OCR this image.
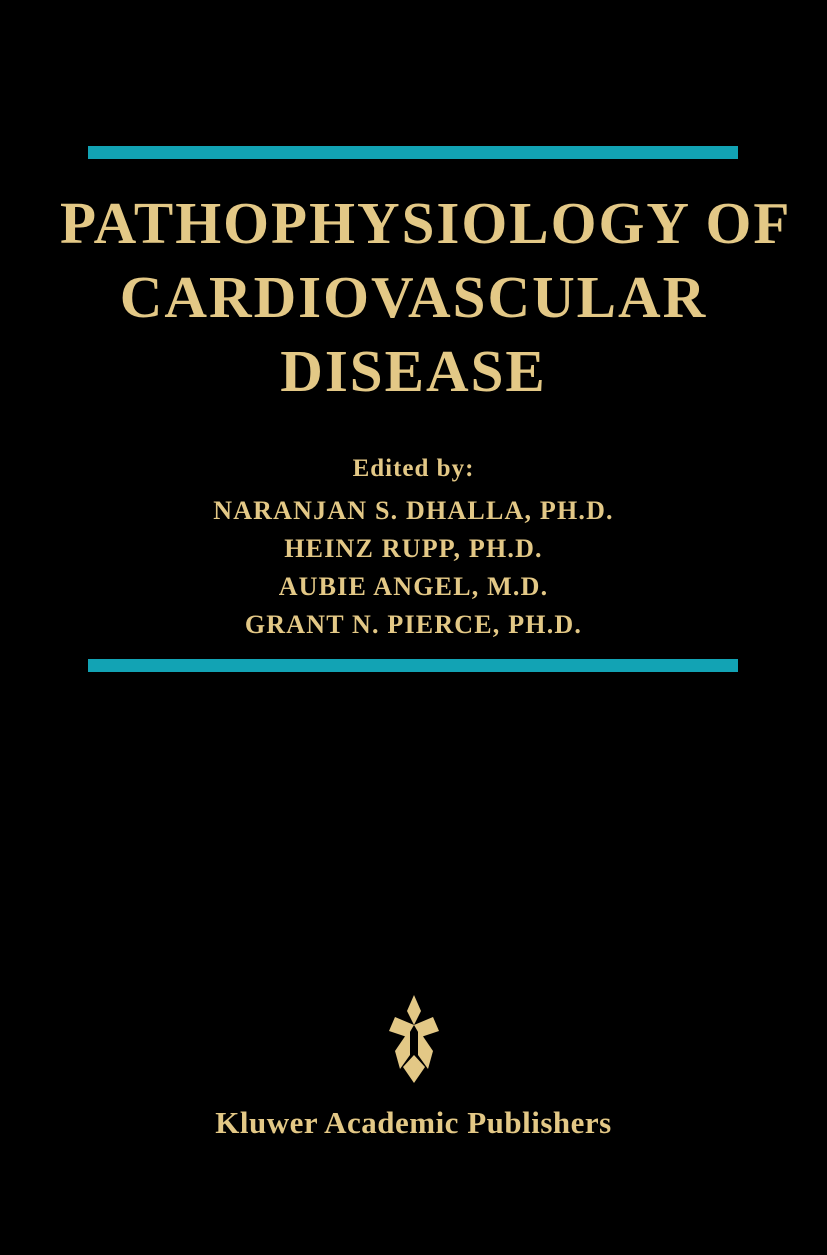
PATHOPHYSIOLOGY OF
CARDIOVASCULAR
DISEASE
Edited by:
NARANJAN S. DHALLA, PH.D.
HEINZ RUPP, PH.D.
AUBIE ANGEL, M.D.
GRANT N. PIERCE, PH.D.
Kluwer Academic Publishers
